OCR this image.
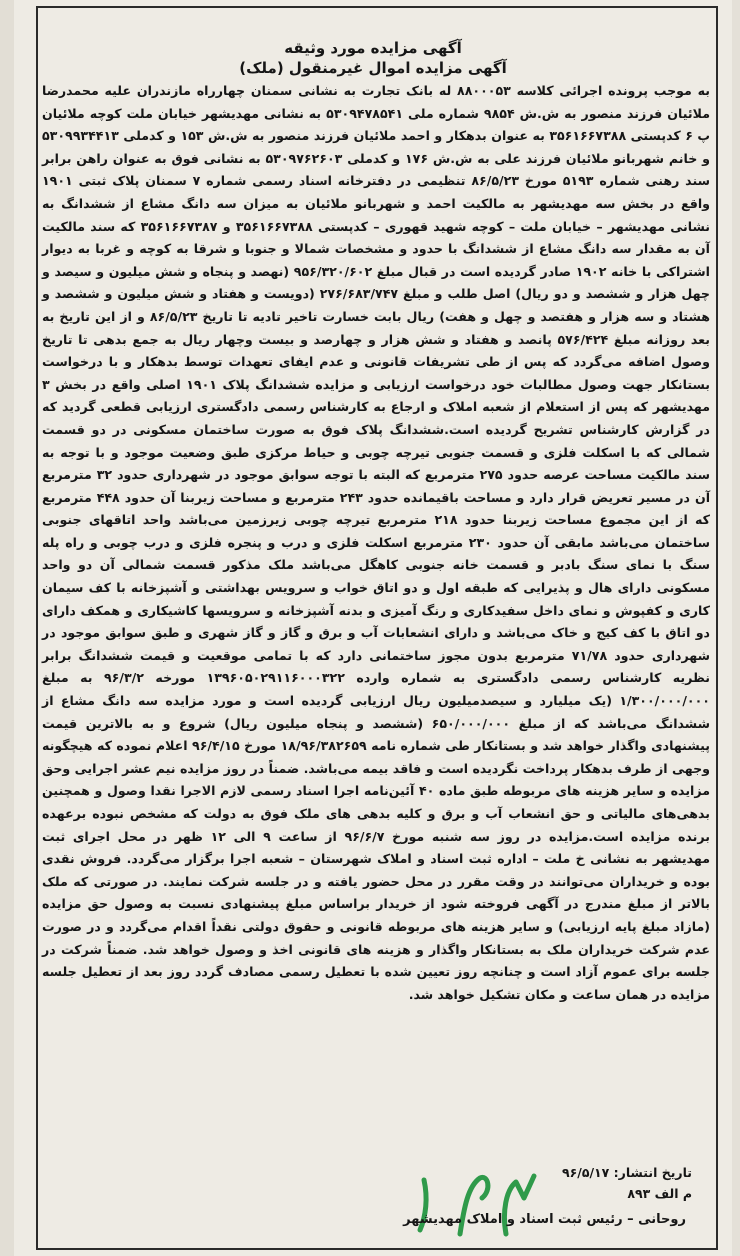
آگهی مزایده مورد وثیقه
آگهی مزایده اموال غیرمنقول (ملک)

به موجب پرونده اجرائی کلاسه ۸۸۰۰۰۵۳ له بانک تجارت به نشانی سمنان چهارراه مازندران علیه محمدرضا ملائیان فرزند منصور به ش.ش ۹۸۵۴ شماره ملی ۵۳۰۹۴۷۸۵۴۱ به نشانی مهدیشهر خیابان ملت کوچه ملائیان پ ۶ کدپستی ۳۵۶۱۶۶۷۳۸۸ به عنوان بدهکار و احمد ملائیان فرزند منصور به ش.ش ۱۵۳ و کدملی ۵۳۰۹۹۳۴۴۱۳ و خانم شهربانو ملائیان فرزند علی به ش.ش ۱۷۶ و کدملی ۵۳۰۹۷۶۲۶۰۳ به نشانی فوق به عنوان راهن برابر سند رهنی شماره ۵۱۹۳ مورخ ۸۶/۵/۲۳ تنظیمی در دفترخانه اسناد رسمی شماره ۷ سمنان پلاک ثبتی ۱۹۰۱ واقع در بخش سه مهدیشهر به مالکیت احمد و شهربانو ملائیان به میزان سه دانگ مشاع از ششدانگ به نشانی مهدیشهر – خیابان ملت – کوچه شهید قهوری – کدپستی ۳۵۶۱۶۶۷۳۸۸ و ۳۵۶۱۶۶۷۳۸۷ که سند مالکیت آن به مقدار سه دانگ مشاع از ششدانگ با حدود و مشخصات شمالا و جنوبا و شرقا به کوچه و غربا به دیوار اشتراکی با خانه ۱۹۰۲ صادر گردیده است در قبال مبلغ ۹۵۶/۳۲۰/۶۰۲ (نهصد و پنجاه و شش میلیون و سیصد و چهل هزار و ششصد و دو ریال) اصل طلب و مبلغ ۲۷۶/۶۸۳/۷۴۷ (دویست و هفتاد و شش میلیون و ششصد و هشتاد و سه هزار و هفتصد و چهل و هفت) ریال بابت خسارت تاخیر تادیه تا تاریخ ۸۶/۵/۲۳ و از این تاریخ به بعد روزانه مبلغ ۵۷۶/۴۲۴ پانصد و هفتاد و شش هزار و چهارصد و بیست وچهار ریال به جمع بدهی تا تاریخ وصول اضافه می‌گردد که پس از طی تشریفات قانونی و عدم ایفای تعهدات توسط بدهکار و با درخواست بستانکار جهت وصول مطالبات خود درخواست ارزیابی و مزایده ششدانگ پلاک ۱۹۰۱ اصلی واقع در بخش ۳ مهدیشهر که پس از استعلام از شعبه املاک و ارجاع به کارشناس رسمی دادگستری ارزیابی قطعی گردید که در گزارش کارشناس تشریح گردیده است.ششدانگ پلاک فوق به صورت ساختمان مسکونی در دو قسمت شمالی که با اسکلت فلزی و قسمت جنوبی تیرچه چوبی و حیاط مرکزی طبق وضعیت موجود و با توجه به سند مالکیت مساحت عرصه حدود ۲۷۵ مترمربع که البته با توجه سوابق موجود در شهرداری حدود ۳۲ مترمربع آن در مسیر تعریض قرار دارد و مساحت باقیمانده حدود ۲۴۳ مترمربع و مساحت زیربنا آن حدود ۴۴۸ مترمربع که از این مجموع مساحت زیربنا حدود ۲۱۸ مترمربع تیرچه چوبی زیرزمین می‌باشد واحد اتاقهای جنوبی ساختمان می‌باشد مابقی آن حدود ۲۳۰ مترمربع اسکلت فلزی و درب و پنجره فلزی و درب چوبی و راه پله سنگ با نمای سنگ بادبر و قسمت خانه جنوبی کاهگل می‌باشد ملک مذکور قسمت شمالی آن دو واحد مسکونی دارای هال و پذیرایی که طبقه اول و دو اتاق خواب و سرویس بهداشتی و آشپزخانه با کف سیمان کاری و کفپوش و نمای داخل سفیدکاری و رنگ آمیزی و بدنه آشپزخانه و سرویسها کاشیکاری و همکف دارای دو اتاق با کف کیج و خاک می‌باشد و دارای انشعابات آب و برق و گاز و گاز شهری و طبق سوابق موجود در شهرداری حدود ۷۱/۷۸ مترمربع بدون مجوز ساختمانی دارد که با تمامی موقعیت و قیمت ششدانگ برابر نظریه کارشناس رسمی دادگستری به شماره وارده ۱۳۹۶۰۵۰۲۹۱۱۶۰۰۰۳۲۲ مورخه ۹۶/۳/۲ به مبلغ ۱/۳۰۰/۰۰۰/۰۰۰ (یک میلیارد و سیصدمیلیون ریال ارزیابی گردیده است و مورد مزایده سه دانگ مشاع از ششدانگ می‌باشد که از مبلغ ۶۵۰/۰۰۰/۰۰۰ (ششصد و پنجاه میلیون ریال) شروع و به بالاترین قیمت پیشنهادی واگذار خواهد شد و بستانکار طی شماره نامه ۱۸/۹۶/۳۸۲۶۵۹ مورخ ۹۶/۴/۱۵ اعلام نموده که هیچگونه وجهی از طرف بدهکار پرداخت نگردیده است و فاقد بیمه می‌باشد. ضمناً در روز مزایده نیم عشر اجرایی وحق مزایده و سایر هزینه های مربوطه طبق ماده ۴۰ آئین‌نامه اجرا اسناد رسمی لازم الاجرا نقدا وصول و همچنین بدهی‌های مالیاتی و حق انشعاب آب و برق و کلیه بدهی های ملک فوق به دولت که مشخص نبوده برعهده برنده مزایده است.مزایده در روز سه شنبه مورخ ۹۶/۶/۷ از ساعت ۹ الی ۱۲ ظهر در محل اجرای ثبت مهدیشهر به نشانی خ ملت – اداره ثبت اسناد و املاک شهرستان – شعبه اجرا برگزار می‌گردد. فروش نقدی بوده و خریداران می‌توانند در وقت مقرر در محل حضور یافته و در جلسه شرکت نمایند. در صورتی که ملک بالاتر از مبلغ مندرج در آگهی فروخته شود از خریدار براساس مبلغ پیشنهادی نسبت به وصول حق مزایده (مازاد مبلغ پایه ارزیابی) و سایر هزینه های مربوطه قانونی و حقوق دولتی نقداً اقدام می‌گردد و در صورت عدم شرکت خریداران ملک به بستانکار واگذار و هزینه های قانونی اخذ و وصول خواهد شد. ضمناً شرکت در جلسه برای عموم آزاد است و چنانچه روز تعیین شده با تعطیل رسمی مصادف گردد روز بعد از تعطیل جلسه مزایده در همان ساعت و مکان تشکیل خواهد شد.

تاریخ انتشار: ۹۶/۵/۱۷
م الف ۸۹۳
روحانی – رئیس ثبت اسناد و املاک مهدیشهر
